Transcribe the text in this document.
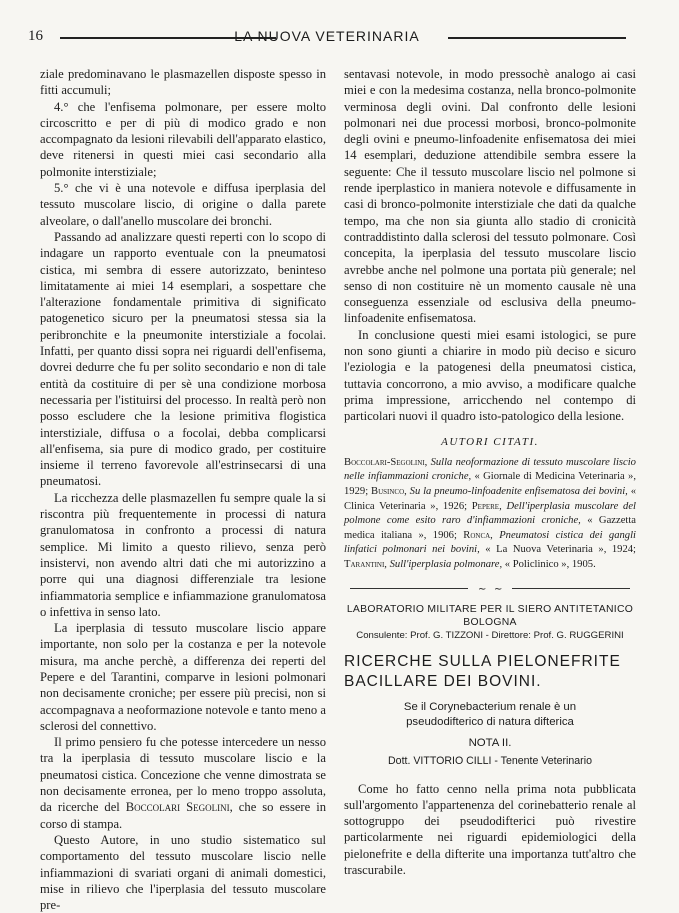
16	LA NUOVA VETERINARIA

ziale predominavano le plasmazellen disposte spesso in fitti accumuli;

4.° che l'enfisema polmonare, per essere molto circoscritto e per di più di modico grado e non accompagnato da lesioni rilevabili dell'apparato elastico, deve ritenersi in questi miei casi secondario alla polmonite interstiziale;

5.° che vi è una notevole e diffusa iperplasia del tessuto muscolare liscio, di origine o dalla parete alveolare, o dall'anello muscolare dei bronchi.

Passando ad analizzare questi reperti con lo scopo di indagare un rapporto eventuale con la pneumatosi cistica, mi sembra di essere autorizzato, beninteso limitatamente ai miei 14 esemplari, a sospettare che l'alterazione fondamentale primitiva di significato patogenetico sicuro per la pneumatosi stessa sia la peribronchite e la pneumonite interstiziale a focolai. Infatti, per quanto dissi sopra nei riguardi dell'enfisema, dovrei dedurre che fu per solito secondario e non di tale entità da costituire di per sè una condizione morbosa necessaria per l'istituirsi del processo. In realtà però non posso escludere che la lesione primitiva flogistica interstiziale, diffusa o a focolai, debba complicarsi all'enfisema, sia pure di modico grado, per costituire insieme il terreno favorevole all'estrinsecarsi di una pneumatosi.

La ricchezza delle plasmazellen fu sempre quale la si riscontra più frequentemente in processi di natura granulomatosa in confronto a processi di natura semplice. Mi limito a questo rilievo, senza però insistervi, non avendo altri dati che mi autorizzino a porre qui una diagnosi differenziale tra lesione infiammatoria semplice e infiammazione granulomatosa o infettiva in senso lato.

La iperplasia di tessuto muscolare liscio appare importante, non solo per la costanza e per la notevole misura, ma anche perchè, a differenza dei reperti del Pepere e del Tarantini, comparve in lesioni polmonari non decisamente croniche; per essere più precisi, non si accompagnava a neoformazione notevole e tanto meno a sclerosi del connettivo.

Il primo pensiero fu che potesse intercedere un nesso tra la iperplasia di tessuto muscolare liscio e la pneumatosi cistica. Concezione che venne dimostrata se non decisamente erronea, per lo meno troppo assoluta, da ricerche del Boccolari Segolini, che so essere in corso di stampa.

Questo Autore, in uno studio sistematico sul comportamento del tessuto muscolare liscio nelle infiammazioni di svariati organi di animali domestici, mise in rilievo che l'iperplasia del tessuto muscolare pre-

sentavasi notevole, in modo pressochè analogo ai casi miei e con la medesima costanza, nella bronco-polmonite verminosa degli ovini. Dal confronto delle lesioni polmonari nei due processi morbosi, bronco-polmonite degli ovini e pneumo-linfoadenite enfisematosa dei miei 14 esemplari, deduzione attendibile sembra essere la seguente: Che il tessuto muscolare liscio nel polmone si rende iperplastico in maniera notevole e diffusamente in casi di bronco-polmonite interstiziale che dati da qualche tempo, ma che non sia giunta allo stadio di cronicità contraddistinto dalla sclerosi del tessuto polmonare. Così concepita, la iperplasia del tessuto muscolare liscio avrebbe anche nel polmone una portata più generale; nel senso di non costituire nè un momento causale nè una conseguenza essenziale od esclusiva della pneumo-linfoadenite enfisematosa.

In conclusione questi miei esami istologici, se pure non sono giunti a chiarire in modo più deciso e sicuro l'eziologia e la patogenesi della pneumatosi cistica, tuttavia concorrono, a mio avviso, a modificare qualche prima impressione, arricchendo nel contempo di particolari nuovi il quadro isto-patologico della lesione.

AUTORI CITATI.
Boccolari-Segolini, Sulla neoformazione di tessuto muscolare liscio nelle infiammazioni croniche, « Giornale di Medicina Veterinaria », 1929; Businco, Su la pneumo-linfoadenite enfisematosa dei bovini, « Clinica Veterinaria », 1926; Pepere, Dell'iperplasia muscolare del polmone come esito raro d'infiammazioni croniche, « Gazzetta medica italiana », 1906; Ronca, Pneumatosi cistica dei gangli linfatici polmonari nei bovini, « La Nuova Veterinaria », 1924; Tarantini, Sull'iperplasia polmonare, « Policlinico », 1905.
∼ ∼
LABORATORIO MILITARE PER IL SIERO ANTITETANICO
BOLOGNA
Consulente: Prof. G. TIZZONI - Direttore: Prof. G. RUGGERINI
RICERCHE SULLA PIELONEFRITE BACILLARE DEI BOVINI.
Se il Corynebacterium renale è un
pseudodifterico di natura difterica
NOTA II.
Dott. VITTORIO CILLI - Tenente Veterinario

Come ho fatto cenno nella prima nota pubblicata sull'argomento l'appartenenza del corinebatterio renale al sottogruppo dei pseudodifterici può rivestire particolarmente nei riguardi epidemiologici della pielonefrite e della difterite una importanza tutt'altro che trascurabile.
